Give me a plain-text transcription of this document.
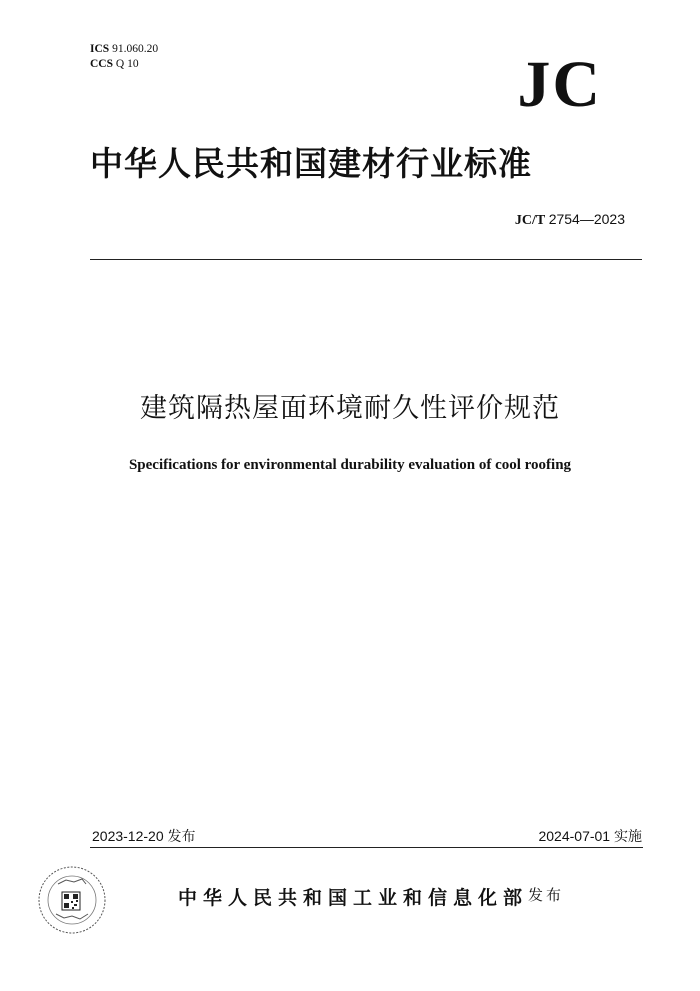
ICS 91.060.20
CCS Q 10	JC
中华人民共和国建材行业标准
JC/T 2754—2023
建筑隔热屋面环境耐久性评价规范
Specifications for environmental durability evaluation of cool roofing
2023-12-20 发布	2024-07-01 实施
中华人民共和国工业和信息化部 发布
